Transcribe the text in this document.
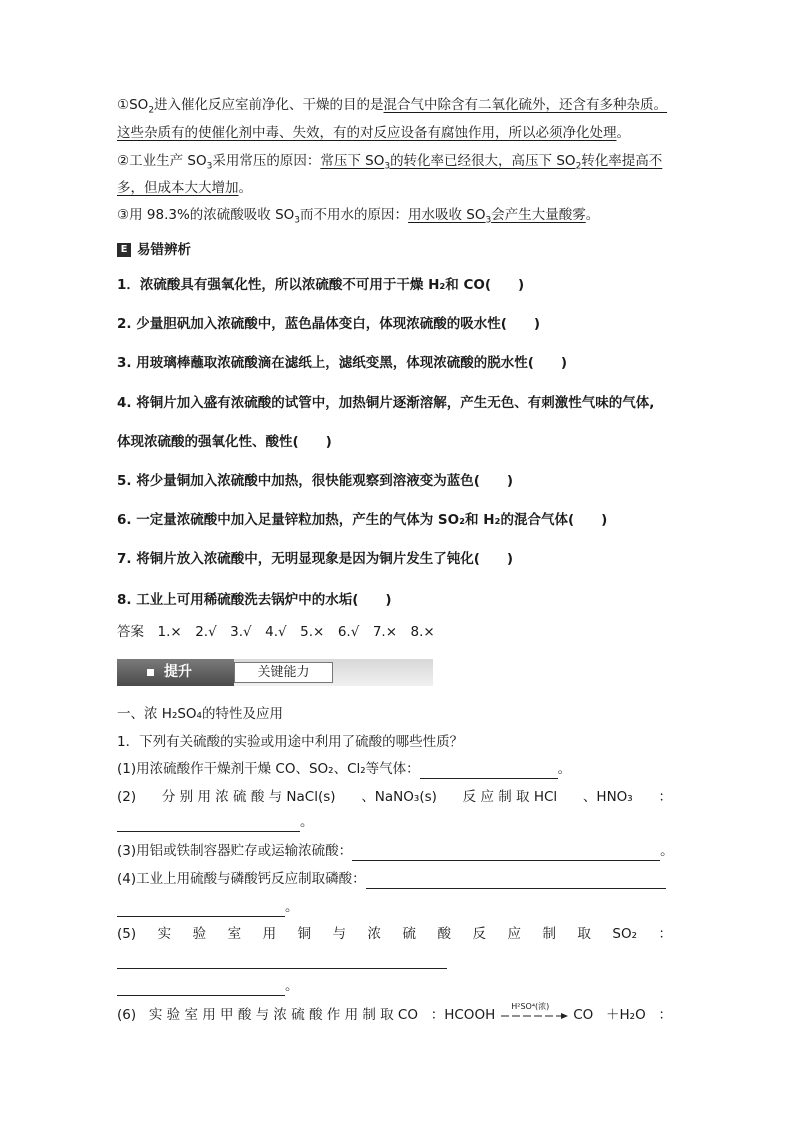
$①SO_2$进入催化反应室前净化、干燥的目的是混合气中除含有二氧化硫外，还含有多种杂质。
这些杂质有的使催化剂中毒、失效，有的对反应设备有腐蚀作用，所以必须净化处理。
②工业生产 $SO_3$采用常压的原因：常压下 $SO_3$的转化率已经很大，高压下 $SO_2$转化率提高不
多，但成本大大增加。
③用 98.3%的浓硫酸吸收 $SO_3$而不用水的原因：用水吸收 $SO_3$会产生大量酸雾。
E 易错辨析
1．浓硫酸具有强氧化性，所以浓硫酸不可用于干燥 H₂和 CO(　　)
2. 少量胆矾加入浓硫酸中，蓝色晶体变白，体现浓硫酸的吸水性(　　)
3. 用玻璃棒蘸取浓硫酸滴在滤纸上，滤纸变黑，体现浓硫酸的脱水性(　　)
4. 将铜片加入盛有浓硫酸的试管中，加热铜片逐渐溶解，产生无色、有刺激性气味的气体,
体现浓硫酸的强氧化性、酸性(　　)
5. 将少量铜加入浓硫酸中加热，很快能观察到溶液变为蓝色(　　)
6. 一定量浓硫酸中加入足量锌粒加热，产生的气体为 SO₂和 H₂的混合气体(　　)
7. 将铜片放入浓硫酸中，无明显现象是因为铜片发生了钝化(　　)
8. 工业上可用稀硫酸洗去锅炉中的水垢(　　)
答案　1.×　2.√　3.√　4.√　5.×　6.√　7.×　8.×
提升	关键能力
一、浓 H₂SO₄的特性及应用
1．下列有关硫酸的实验或用途中利用了硫酸的哪些性质？
(1)用浓硫酸作干燥剂干燥 CO、SO₂、Cl₂等气体：	。
(2) 分 别 用 浓 硫 酸 与 NaCl(s) 、NaNO₃(s) 反 应 制 取 HCl 、HNO₃ ：
。
(3)用铝或铁制容器贮存或运输浓硫酸：	。
(4)工业上用硫酸与磷酸钙反应制取磷酸：
。
(5) 实 验 室 用 铜 与 浓 硫 酸 反 应 制 取 SO₂ ：
。
(6) 实 验 室 用 甲 酸 与 浓 硫 酸 作 用 制 取 CO ：HCOOH
H²SO⁴(浓)
CO ＋H₂O ：
